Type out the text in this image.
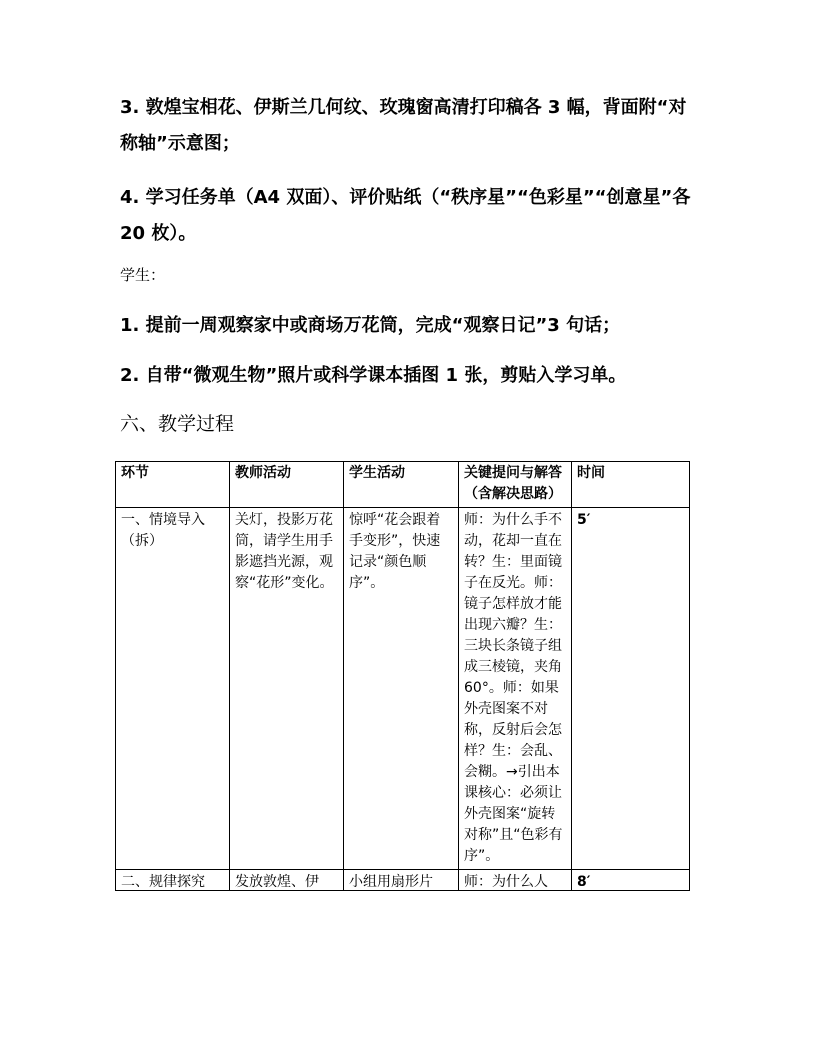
3. 敦煌宝相花、伊斯兰几何纹、玫瑰窗高清打印稿各 3 幅，背面附“对称轴”示意图；
4. 学习任务单（A4 双面）、评价贴纸（“秩序星”“色彩星”“创意星”各 20 枚）。
学生：
1. 提前一周观察家中或商场万花筒，完成“观察日记”3 句话；
2. 自带“微观生物”照片或科学课本插图 1 张，剪贴入学习单。
六、教学过程
环节	教师活动	学生活动	关键提问与解答（含解决思路）	时间
一、情境导入（拆）	关灯，投影万花筒，请学生用手影遮挡光源，观察“花形”变化。	惊呼“花会跟着手变形”，快速记录“颜色顺序”。	师：为什么手不动，花却一直在转？生：里面镜子在反光。师：镜子怎样放才能出现六瓣？生：三块长条镜子组成三棱镜，夹角 60°。师：如果外壳图案不对称，反射后会怎样？生：会乱、会糊。→引出本课核心：必须让外壳图案“旋转对称”且“色彩有序”。	5′

二、规律探究	发放敦煌、伊	小组用扇形片	师：为什么人	8′
